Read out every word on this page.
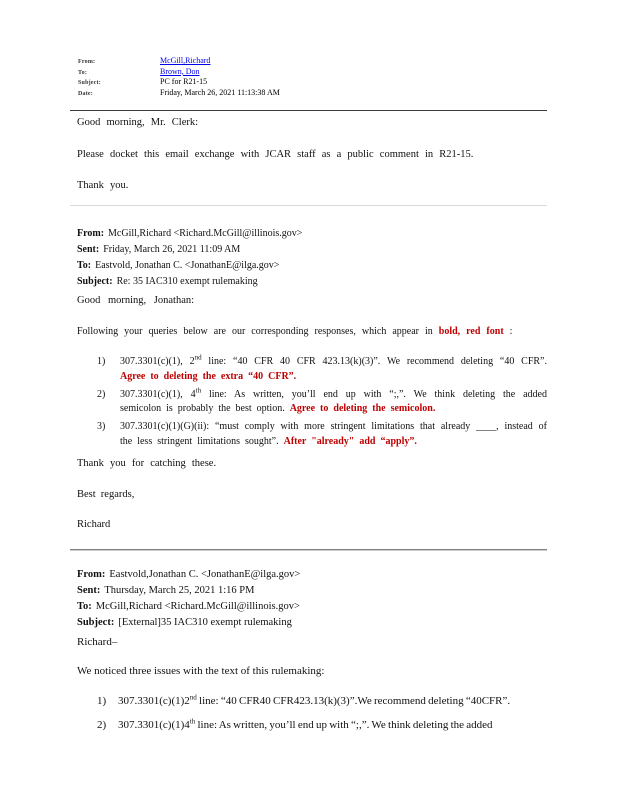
From:	McGill,Richard
To:	Brown, Don
Subject:	PC for R21-15
Date:	Friday, March 26, 2021 11:13:38 AM

Good morning, Mr. Clerk:

Please docket this email exchange with JCAR staff as a public comment in R21-15.

Thank you.

From: McGill,Richard <Richard.McGill@illinois.gov>
Sent: Friday, March 26, 2021 11:09 AM
To: Eastvold, Jonathan C. <JonathanE@ilga.gov>
Subject: Re: 35 IAC310 exempt rulemaking

Good morning, Jonathan:

Following your queries below are our corresponding responses, which appear in bold, red font :

1)	307.3301(c)(1), 2nd line: “40 CFR 40 CFR 423.13(k)(3)”. We recommend deleting “40 CFR”. Agree to deleting the extra “40 CFR”.
2)	307.3301(c)(1), 4th line: As written, you’ll end up with “;,”. We think deleting the added semicolon is probably the best option. Agree to deleting the semicolon.
3)	307.3301(c)(1)(G)(ii): “must comply with more stringent limitations that already ____, instead of the less stringent limitations sought”. After "already" add “apply”.

Thank you for catching these.

Best regards,

Richard

From: Eastvold,Jonathan C. <JonathanE@ilga.gov>
Sent: Thursday, March 25, 2021 1:16 PM
To: McGill,Richard <Richard.McGill@illinois.gov>
Subject: [External]35 IAC310 exempt rulemaking

Richard–

We noticed three issues with the text of this rulemaking:

1)	307.3301(c)(1)2nd line: “40 CFR40 CFR423.13(k)(3)”.We recommend deleting “40CFR”.
2)	307.3301(c)(1)4th line: As written, you’ll end up with “;,”. We think deleting the added
